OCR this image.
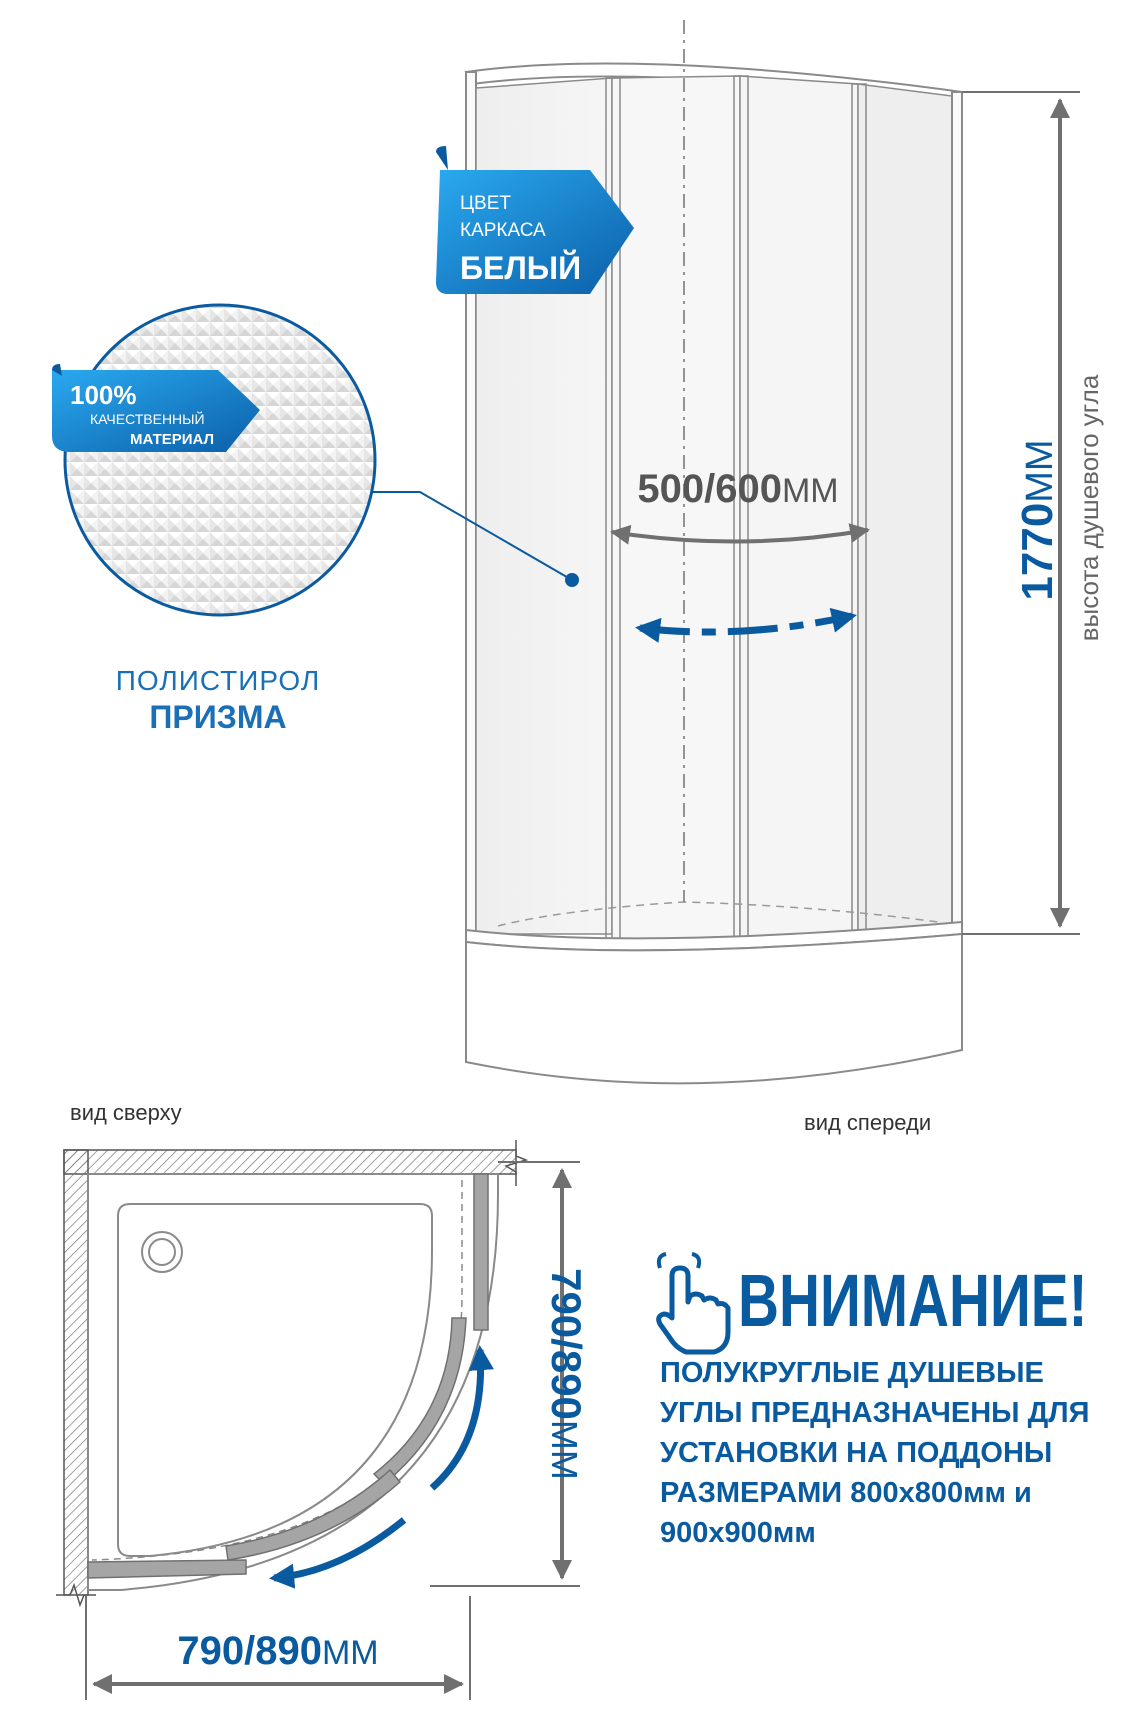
500/600ММ
1770ММ высота душевого угла
ЦВЕТ
КАРКАСА
БЕЛЫЙ
100%
КАЧЕСТВЕННЫЙ
МАТЕРИАЛ
ПОЛИСТИРОЛ
ПРИЗМА
вид сверху	вид спереди
790/890ММ
790/890ММ
ВНИМАНИЕ!
ПОЛУКРУГЛЫЕ ДУШЕВЫЕ
УГЛЫ ПРЕДНАЗНАЧЕНЫ ДЛЯ
УСТАНОВКИ НА ПОДДОНЫ
РАЗМЕРАМИ 800х800мм и
900х900мм
